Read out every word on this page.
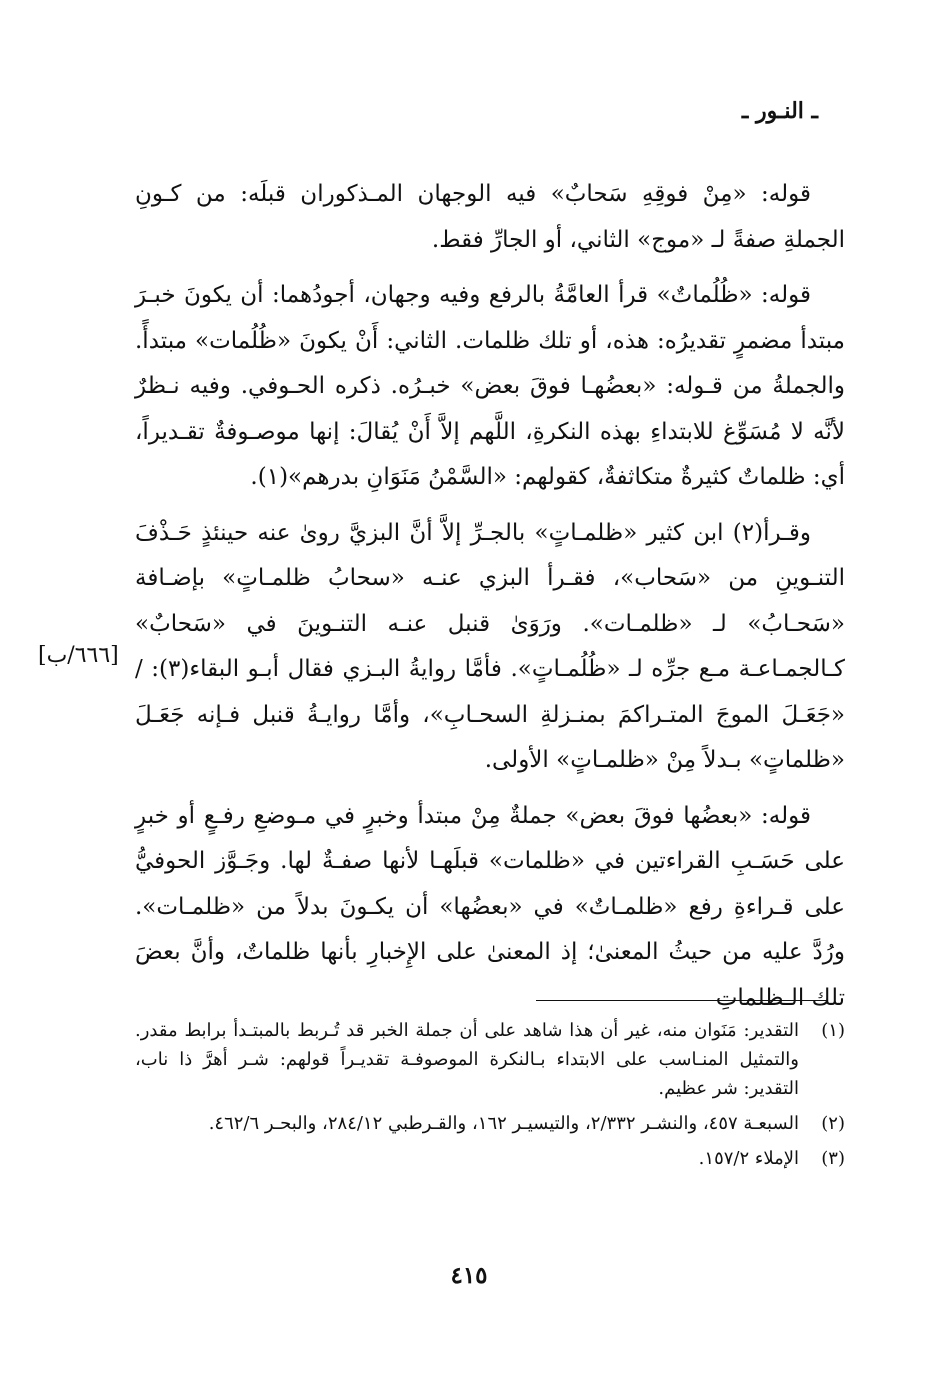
ـ النـور ـ

قوله: «مِنْ فوقِهِ سَحابٌ» فيه الوجهان المـذكوران قبلَه: من كـونِ الجملةِ صفةً لـ «موج» الثاني، أو الجارِّ فقط.

قوله: «ظُلُماتٌ» قرأ العامَّةُ بالرفع وفيه وجهان، أجودُهما: أن يكونَ خبـرَ مبتدأ مضمرٍ تقديرُه: هذه، أو تلك ظلمات. الثاني: أَنْ يكونَ «ظُلُمات» مبتدأً. والجملةُ من قـوله: «بعضُهـا فوقَ بعض» خبـرُه. ذكره الحـوفي. وفيه نـظرٌ لأنَّه لا مُسَوِّغ للابتداءِ بهذه النكرةِ، اللَّهم إلاَّ أَنْ يُقالَ: إنها موصـوفةٌ تقـديراً، أي: ظلماتٌ كثيرةٌ متكاثفةٌ، كقولهم: «السَّمْنُ مَنَوَانِ بدرهم»(١).

وقـرأ(٢) ابن كثير «ظلمـاتٍ» بالجـرِّ إلاَّ أنَّ البزيَّ روىٰ عنه حينئذٍ حَـذْفَ التنـوينِ من «سَحاب»، فقـرأ البزي عنـه «سحابُ ظلمـاتٍ» بإضـافة «سَحـابُ» لـ «ظلمـات». ورَوَىٰ قنبل عنـه التنـوينَ في «سَحابٌ» كـالجمـاعـة مـع جرِّه لـ «ظُلُمـاتٍ». فأمَّا روايةُ البـزي فقال أبـو البقاء(٣): / «جَعَـلَ الموجَ المتـراكمَ بمنـزلةِ السحـابِ»، وأمَّا روايـةُ قنبل فـإنه جَعَـلَ «ظلماتٍ» بـدلاً مِنْ «ظلمـاتٍ» الأولى.

قوله: «بعضُها فوقَ بعض» جملةٌ مِنْ مبتدأ وخبرٍ في مـوضعِ رفـعٍ أو خبرٍ على حَسَـبِ القراءتين في «ظلمات» قبلَهـا لأنها صفـةٌ لها. وجَـوَّز الحوفيُّ على قـراءةِ رفع «ظلمـاتٌ» في «بعضُها» أن يكـونَ بدلاً من «ظلمـات». ورُدَّ عليه من حيثُ المعنىٰ؛ إذ المعنىٰ على الإِخبارِ بأنها ظلماتٌ، وأنَّ بعضَ تلك الـظلماتِ

[٦٦٦/ب]
(١)
التقدير: مَنَوان منه، غير أن هذا شاهد على أن جملة الخبر قد تُـربط بالمبتـدأ برابط مقدر. والتمثيل المنـاسب على الابتداء بـالنكرة الموصوفـة تقديـراً قولهم: شـر أهرَّ ذا ناب، التقدير: شر عظيم.
(٢)
السبعـة ٤٥٧، والنشـر ٢/٣٣٢، والتيسيـر ١٦٢، والقـرطبي ٢٨٤/١٢، والبحـر ٤٦٢/٦.
(٣)
الإملاء ١٥٧/٢.
٤١٥
